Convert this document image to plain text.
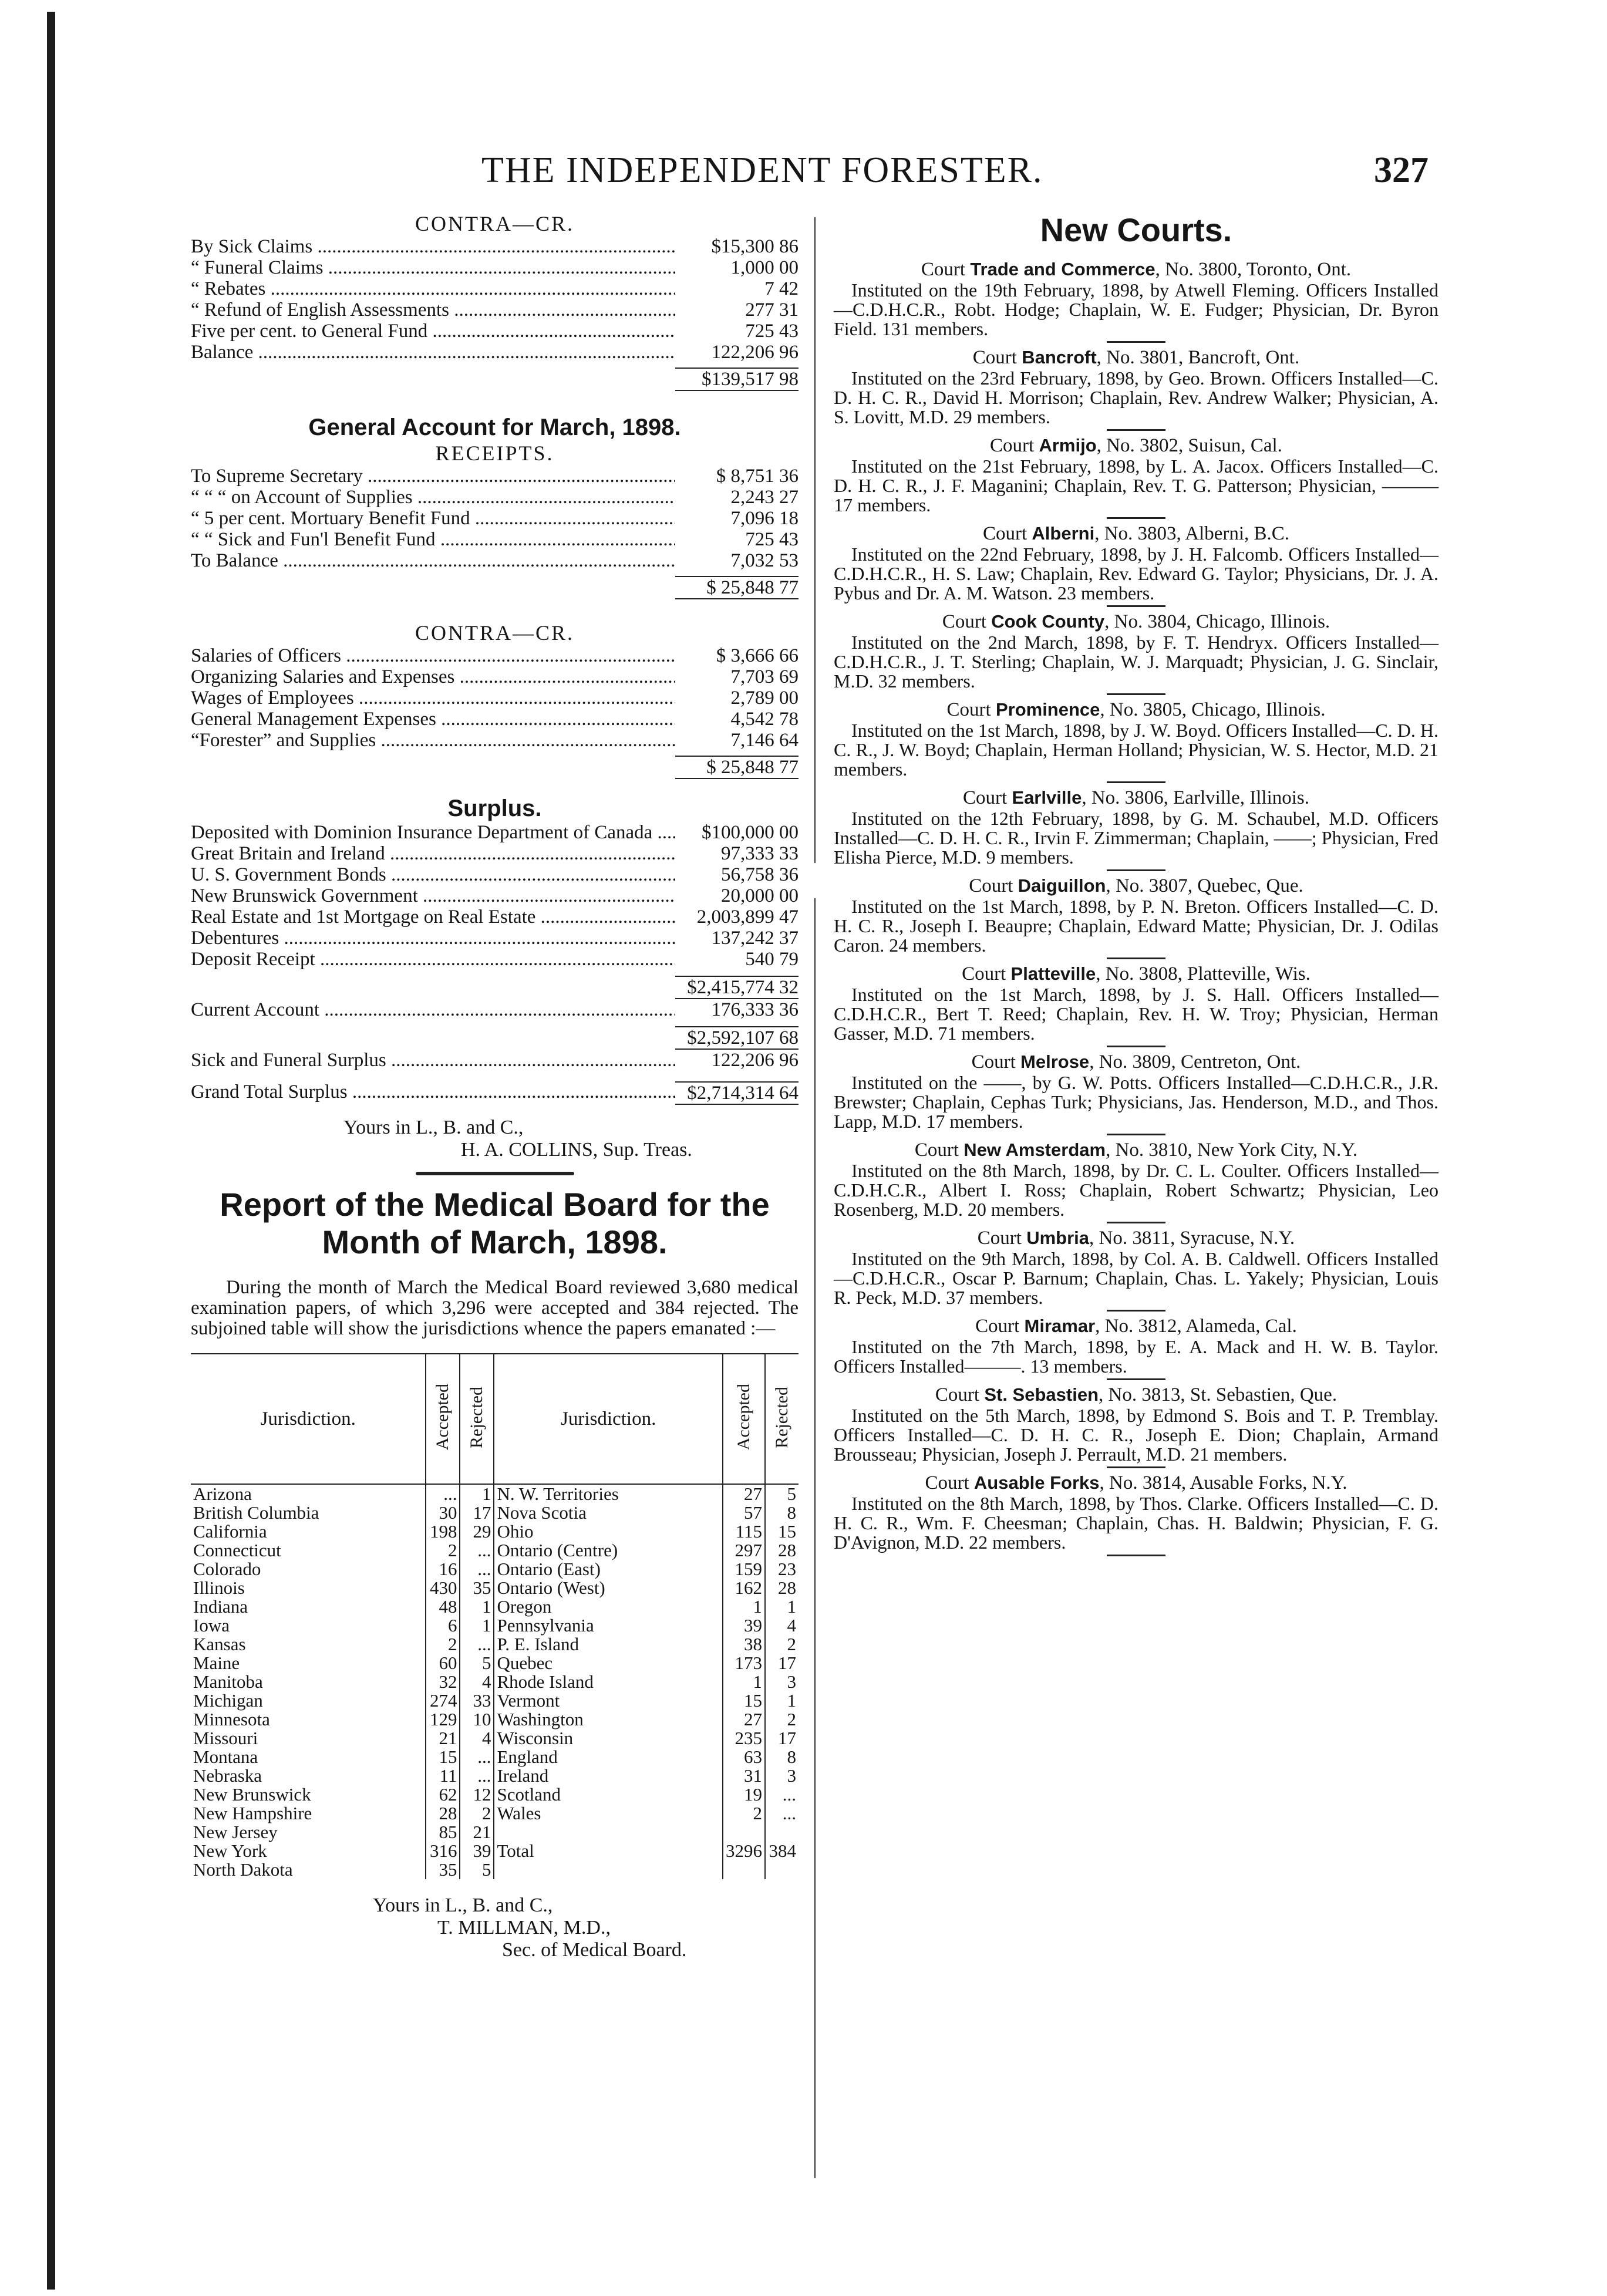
THE INDEPENDENT FORESTER.	327
CONTRA—CR.
By Sick Claims .....	$15,300 86
“ Funeral Claims .....	1,000 00
“ Rebates .....	7 42
“ Refund of English Assessments .....	277 31
Five per cent. to General Fund .....	725 43
Balance .....	122,206 96
$139,517 98
General Account for March, 1898.
RECEIPTS.
To Supreme Secretary .....	$ 8,751 36
“ “ “ on Account of Supplies .....	2,243 27
“ 5 per cent. Mortuary Benefit Fund .....	7,096 18
“ “ Sick and Fun'l Benefit Fund .....	725 43
To Balance .....	7,032 53
$ 25,848 77
CONTRA—CR.
Salaries of Officers .....	$ 3,666 66
Organizing Salaries and Expenses .....	7,703 69
Wages of Employees .....	2,789 00
General Management Expenses .....	4,542 78
“Forester” and Supplies .....	7,146 64
$ 25,848 77
Surplus.
Deposited with Dominion Insurance Department of Canada .....	$100,000 00
Great Britain and Ireland .....	97,333 33
U. S. Government Bonds .....	56,758 36
New Brunswick Government .....	20,000 00
Real Estate and 1st Mortgage on Real Estate .....	2,003,899 47
Debentures .....	137,242 37
Deposit Receipt .....	540 79
$2,415,774 32
Current Account .....	176,333 36
$2,592,107 68
Sick and Funeral Surplus .....	122,206 96
Grand Total Surplus .....	$2,714,314 64
Yours in L., B. and C.,
H. A. COLLINS, Sup. Treas.
Report of the Medical Board for the Month of March, 1898.
During the month of March the Medical Board reviewed 3,680 medical examination papers, of which 3,296 were accepted and 384 rejected. The subjoined table will show the jurisdictions whence the papers emanated :—
Jurisdiction.	Accepted	Rejected	Jurisdiction.	Accepted	Rejected
Arizona	...	1	N. W. Territories	27	5
British Columbia	30	17	Nova Scotia	57	8
California	198	29	Ohio	115	15
Connecticut	2	...	Ontario (Centre)	297	28
Colorado	16	...	Ontario (East)	159	23
Illinois	430	35	Ontario (West)	162	28
Indiana	48	1	Oregon	1	1
Iowa	6	1	Pennsylvania	39	4
Kansas	2	...	P. E. Island	38	2
Maine	60	5	Quebec	173	17
Manitoba	32	4	Rhode Island	1	3
Michigan	274	33	Vermont	15	1
Minnesota	129	10	Washington	27	2
Missouri	21	4	Wisconsin	235	17
Montana	15	...	England	63	8
Nebraska	11	...	Ireland	31	3
New Brunswick	62	12	Scotland	19	...
New Hampshire	28	2	Wales	2	...
New Jersey	85	21			
New York	316	39	Total	3296	384
North Dakota	35	5			
Yours in L., B. and C.,
T. MILLMAN, M.D.,
Sec. of Medical Board.
New Courts.
Court Trade and Commerce, No. 3800, Toronto, Ont.
Instituted on the 19th February, 1898, by Atwell Fleming. Officers Installed—C.D.H.C.R., Robt. Hodge; Chaplain, W. E. Fudger; Physician, Dr. Byron Field. 131 members.
Court Bancroft, No. 3801, Bancroft, Ont.
Instituted on the 23rd February, 1898, by Geo. Brown. Officers Installed—C. D. H. C. R., David H. Morrison; Chaplain, Rev. Andrew Walker; Physician, A. S. Lovitt, M.D. 29 members.
Court Armijo, No. 3802, Suisun, Cal.
Instituted on the 21st February, 1898, by L. A. Jacox. Officers Installed—C. D. H. C. R., J. F. Maganini; Chaplain, Rev. T. G. Patterson; Physician, ——— 17 members.
Court Alberni, No. 3803, Alberni, B.C.
Instituted on the 22nd February, 1898, by J. H. Falcomb. Officers Installed—C.D.H.C.R., H. S. Law; Chaplain, Rev. Edward G. Taylor; Physicians, Dr. J. A. Pybus and Dr. A. M. Watson. 23 members.
Court Cook County, No. 3804, Chicago, Illinois.
Instituted on the 2nd March, 1898, by F. T. Hendryx. Officers Installed—C.D.H.C.R., J. T. Sterling; Chaplain, W. J. Marquadt; Physician, J. G. Sinclair, M.D. 32 members.
Court Prominence, No. 3805, Chicago, Illinois.
Instituted on the 1st March, 1898, by J. W. Boyd. Officers Installed—C. D. H. C. R., J. W. Boyd; Chaplain, Herman Holland; Physician, W. S. Hector, M.D. 21 members.
Court Earlville, No. 3806, Earlville, Illinois.
Instituted on the 12th February, 1898, by G. M. Schaubel, M.D. Officers Installed—C. D. H. C. R., Irvin F. Zimmerman; Chaplain, ——; Physician, Fred Elisha Pierce, M.D. 9 members.
Court Daiguillon, No. 3807, Quebec, Que.
Instituted on the 1st March, 1898, by P. N. Breton. Officers Installed—C. D. H. C. R., Joseph I. Beaupre; Chaplain, Edward Matte; Physician, Dr. J. Odilas Caron. 24 members.
Court Platteville, No. 3808, Platteville, Wis.
Instituted on the 1st March, 1898, by J. S. Hall. Officers Installed—C.D.H.C.R., Bert T. Reed; Chaplain, Rev. H. W. Troy; Physician, Herman Gasser, M.D. 71 members.
Court Melrose, No. 3809, Centreton, Ont.
Instituted on the ——, by G. W. Potts. Officers Installed—C.D.H.C.R., J.R. Brewster; Chaplain, Cephas Turk; Physicians, Jas. Henderson, M.D., and Thos. Lapp, M.D. 17 members.
Court New Amsterdam, No. 3810, New York City, N.Y.
Instituted on the 8th March, 1898, by Dr. C. L. Coulter. Officers Installed—C.D.H.C.R., Albert I. Ross; Chaplain, Robert Schwartz; Physician, Leo Rosenberg, M.D. 20 members.
Court Umbria, No. 3811, Syracuse, N.Y.
Instituted on the 9th March, 1898, by Col. A. B. Caldwell. Officers Installed—C.D.H.C.R., Oscar P. Barnum; Chaplain, Chas. L. Yakely; Physician, Louis R. Peck, M.D. 37 members.
Court Miramar, No. 3812, Alameda, Cal.
Instituted on the 7th March, 1898, by E. A. Mack and H. W. B. Taylor. Officers Installed———. 13 members.
Court St. Sebastien, No. 3813, St. Sebastien, Que.
Instituted on the 5th March, 1898, by Edmond S. Bois and T. P. Tremblay. Officers Installed—C. D. H. C. R., Joseph E. Dion; Chaplain, Armand Brousseau; Physician, Joseph J. Perrault, M.D. 21 members.
Court Ausable Forks, No. 3814, Ausable Forks, N.Y.
Instituted on the 8th March, 1898, by Thos. Clarke. Officers Installed—C. D. H. C. R., Wm. F. Cheesman; Chaplain, Chas. H. Baldwin; Physician, F. G. D'Avignon, M.D. 22 members.
